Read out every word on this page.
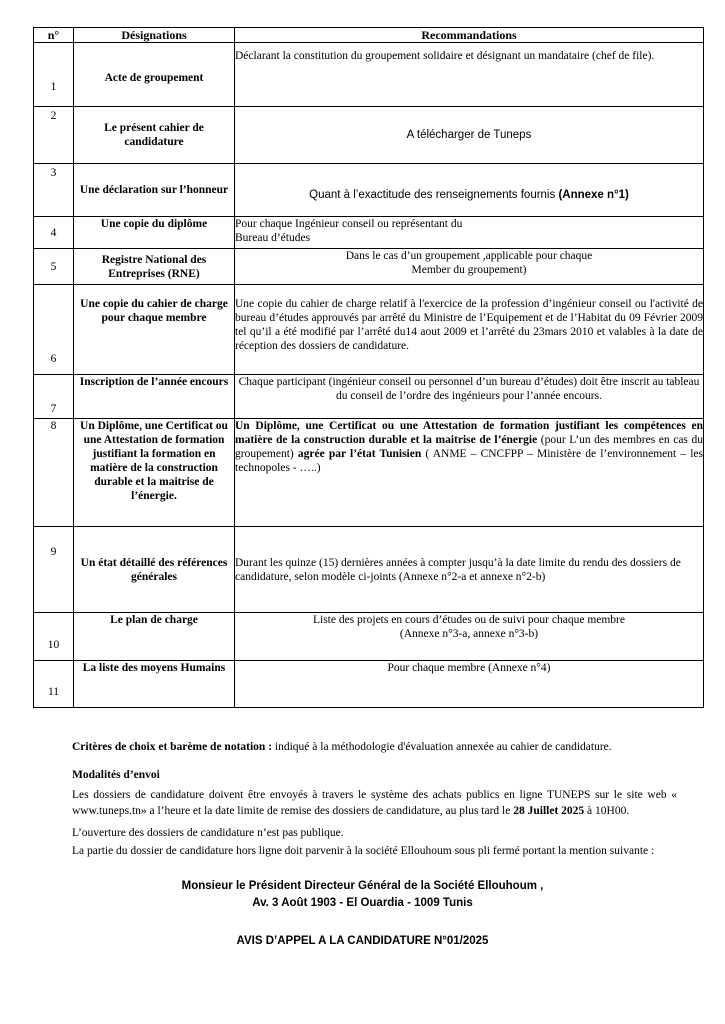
n°	Désignations	Recommandations
1	Acte de groupement	Déclarant la constitution du groupement solidaire et désignant un mandataire (chef de file).
2	Le présent cahier de candidature	A télécharger de Tuneps
3	Une déclaration sur l’honneur	Quant à l’exactitude des renseignements fournis (Annexe n°1)
4	Une copie du diplôme	Pour chaque Ingénieur conseil ou représentant du
Bureau d’études

5	Registre National des Entreprises (RNE)	Dans le cas d’un groupement ,applicable pour chaque
Member du groupement)

6	Une copie du cahier de charge pour chaque membre	Une copie du cahier de charge relatif à l'exercice de la profession d’ingénieur conseil ou l'activité de bureau d’études approuvés par arrêté du Ministre de l’Equipement et de l’Habitat du 09 Février 2009 tel qu’il a été modifié par l’arrêté du14 aout 2009 et l’arrêté du 23mars 2010 et valables à la date de réception des dossiers de candidature.
7	Inscription de l’année encours	Chaque participant (ingénieur conseil ou personnel d’un bureau d’études) doit être inscrit au tableau du conseil de l’ordre des ingénieurs pour l’année encours.
8	Un Diplôme, une Certificat ou une Attestation de formation justifiant la formation en matière de la construction durable et la maitrise de l’énergie.	Un Diplôme, une Certificat ou une Attestation de formation justifiant les compétences en matière de la construction durable et la maitrise de l’énergie (pour L’un des membres en cas du groupement) agrée par l’état Tunisien ( ANME – CNCFPP – Ministère de l’environnement – les technopoles - …..)
9	Un état détaillé des références générales	Durant les quinze (15) dernières années à compter jusqu’à la date limite du rendu des dossiers de candidature, selon modèle ci-joints (Annexe n°2-a et annexe n°2-b)
10	Le plan de charge	Liste des projets en cours d’études ou de suivi pour chaque membre
(Annexe n°3-a, annexe n°3-b)

11	La liste des moyens Humains	Pour chaque membre (Annexe n°4)
Critères de choix et barème de notation : indiqué à la méthodologie d'évaluation annexée au cahier de candidature.
Modalités d’envoi
Les dossiers de candidature doivent être envoyés à travers le système des achats publics en ligne TUNEPS sur le site web « www.tuneps.tn» a l’heure et la date limite de remise des dossiers de candidature, au plus tard le 28 Juillet 2025 à 10H00.
L’ouverture des dossiers de candidature n’est pas publique.
La partie du dossier de candidature hors ligne doit parvenir à la société Ellouhoum sous pli fermé portant la mention suivante :
Monsieur le Président Directeur Général de la Société Ellouhoum ,
Av. 3 Août 1903 - El Ouardia - 1009 Tunis
AVIS D’APPEL A LA CANDIDATURE N°01/2025
